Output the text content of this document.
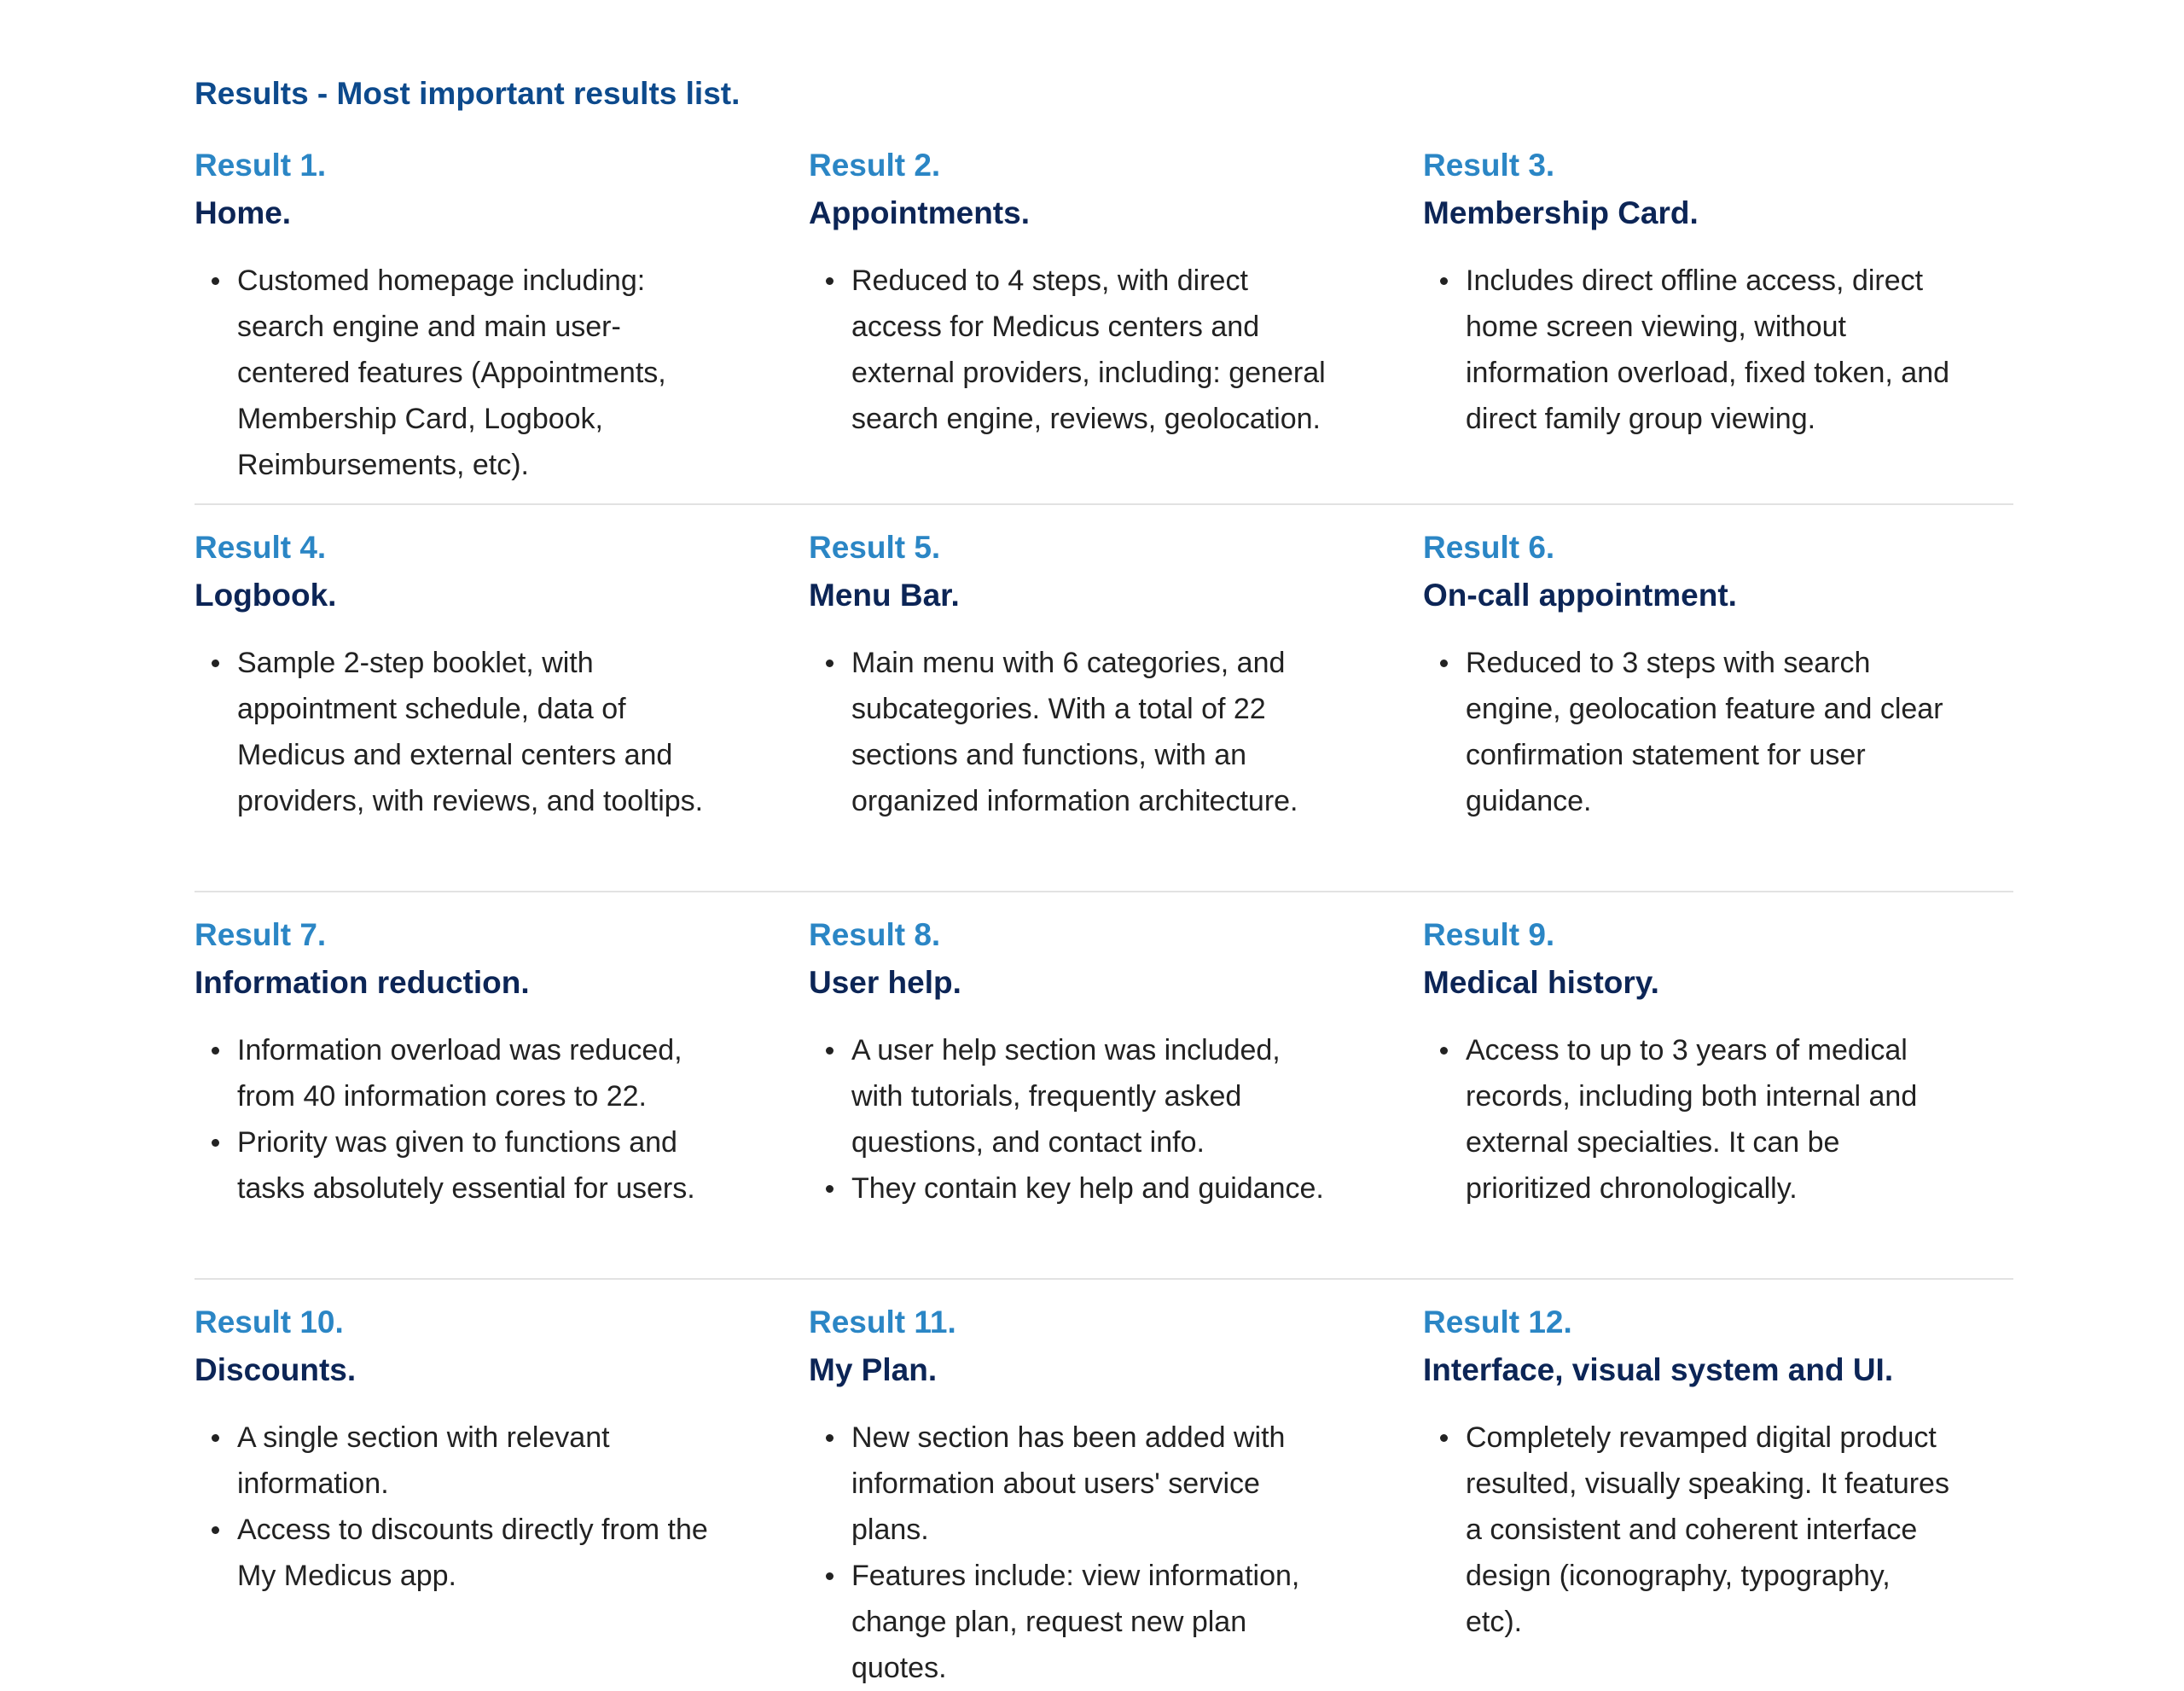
Results - Most important results list.
Result 1.
Home.
Customed homepage including: search engine and main user-centered features (Appointments, Membership Card, Logbook, Reimbursements, etc).
Result 2.
Appointments.
Reduced to 4 steps, with direct access for Medicus centers and external providers, including: general search engine, reviews, geolocation.
Result 3.
Membership Card.
Includes direct offline access, direct home screen viewing, without information overload, fixed token, and direct family group viewing.
Result 4.
Logbook.
Sample 2-step booklet, with appointment schedule, data of Medicus and external centers and providers, with reviews, and tooltips.
Result 5.
Menu Bar.
Main menu with 6 categories, and subcategories. With a total of 22 sections and functions, with an organized information architecture.
Result 6.
On-call appointment.
Reduced to 3 steps with search engine, geolocation feature and clear confirmation statement for user guidance.
Result 7.
Information reduction.
Information overload was reduced, from 40 information cores to 22.
Priority was given to functions and tasks absolutely essential for users.
Result 8.
User help.
A user help section was included, with tutorials, frequently asked questions, and contact info.
They contain key help and guidance.
Result 9.
Medical history.
Access to up to 3 years of medical records, including both internal and external specialties. It can be prioritized chronologically.
Result 10.
Discounts.
A single section with relevant information.
Access to discounts directly from the My Medicus app.
Result 11.
My Plan.
New section has been added with information about users' service plans.
Features include: view information, change plan, request new plan quotes.
Result 12.
Interface, visual system and UI.
Completely revamped digital product resulted, visually speaking. It features a consistent and coherent interface design (iconography, typography, etc).
